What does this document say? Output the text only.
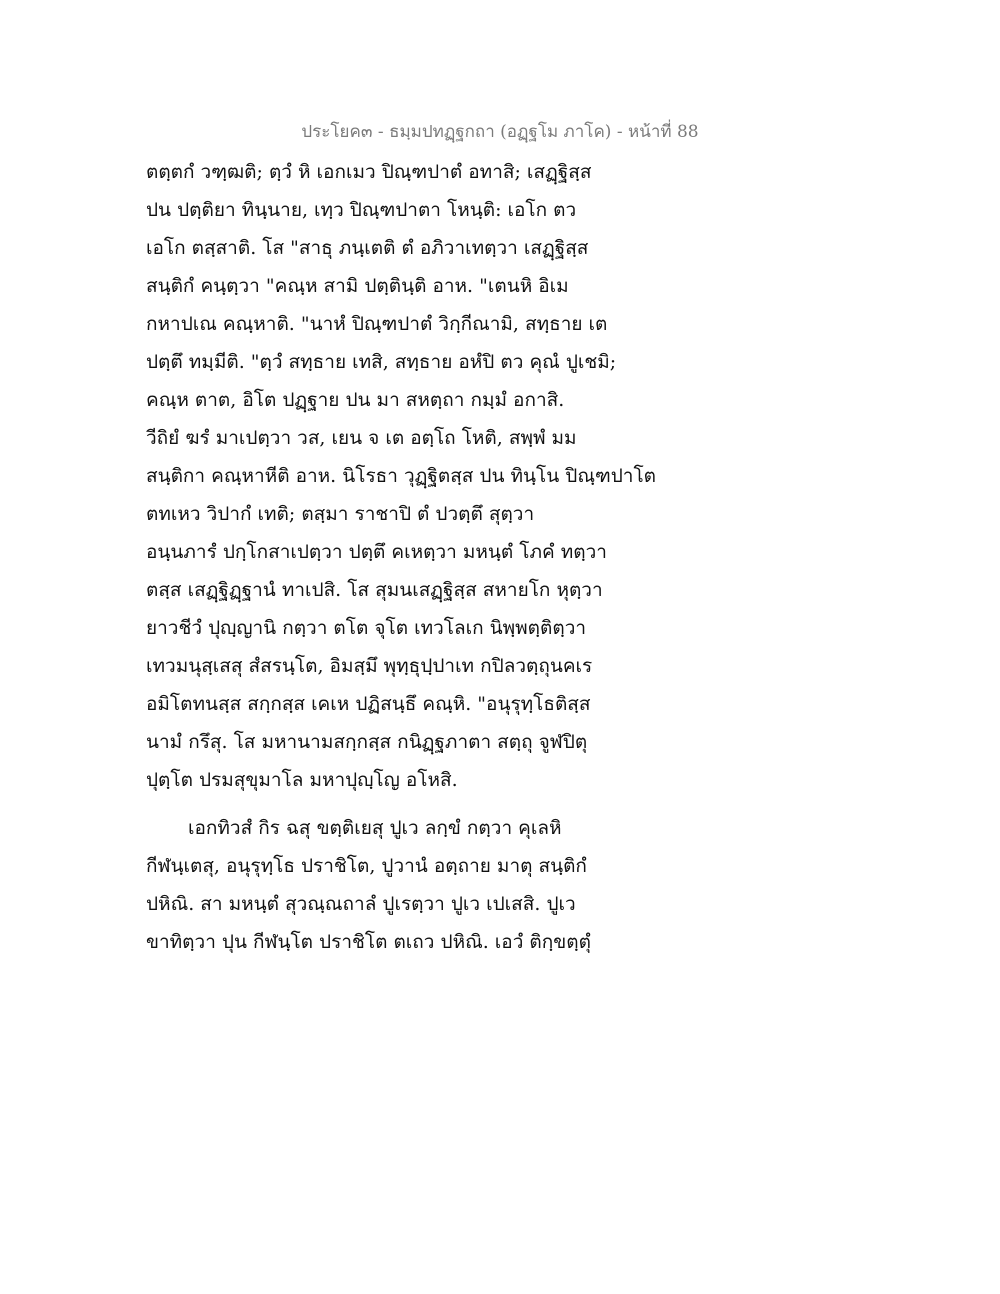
ประโยค๓ - ธมฺมปทฏฺฐกถา (อฏฺฐโม ภาโค) - หน้าที่ 88
ตตฺตกํ วฑฺฒติ; ตฺวํ หิ เอกเมว ปิณฺฑปาตํ อทาสิ; เสฏฺฐิสฺส
ปน ปตฺติยา ทินฺนาย, เทฺว ปิณฺฑปาตา โหนฺติ: เอโก ตว
เอโก ตสฺสาติ. โส "สาธุ ภนฺเตติ ตํ อภิวาเทตฺวา เสฏฺฐิสฺส
สนฺติกํ คนฺตฺวา "คณฺห สามิ ปตฺตินฺติ อาห. "เตนหิ อิเม
กหาปเณ คณฺหาติ. "นาหํ ปิณฺฑปาตํ วิกฺกีณามิ, สทฺธาย เต
ปตฺตึ ทมฺมีติ. "ตฺวํ สทฺธาย เทสิ, สทฺธาย อหํปิ ตว คุณํ ปูเชมิ;
คณฺห ตาต, อิโต ปฏฺฐาย ปน มา สหตฺถา กมฺมํ อกาสิ.
วีถิยํ ฆรํ มาเปตฺวา วส, เยน จ เต อตฺโถ โหติ, สพฺพํ มม
สนฺติกา คณฺหาหีติ อาห. นิโรธา วุฏฺฐิตสฺส ปน ทินฺโน ปิณฺฑปาโต
ตทเหว วิปากํ เทติ; ตสฺมา ราชาปิ ตํ ปวตฺตึ สุตฺวา
อนฺนภารํ ปกฺโกสาเปตฺวา ปตฺตึ คเหตฺวา มหนฺตํ โภคํ ทตฺวา
ตสฺส เสฏฺฐิฏฺฐานํ ทาเปสิ. โส สุมนเสฏฺฐิสฺส สหายโก หุตฺวา
ยาวชีวํ ปุญฺญานิ กตฺวา ตโต จุโต เทวโลเก นิพฺพตฺติตฺวา
เทวมนุสฺเสสุ สํสรนฺโต, อิมสฺมึ พุทฺธุปฺปาเท กปิลวตฺถุนคเร
อมิโตทนสฺส สกฺกสฺส เคเห ปฏิสนฺธึ คณฺหิ. "อนุรุทฺโธติสฺส
นามํ กรึสุ. โส มหานามสกฺกสฺส กนิฏฺฐภาตา สตฺถุ จูฬปิตุ
ปุตฺโต ปรมสุขุมาโล มหาปุญฺโญ อโหสิ.
เอกทิวสํ กิร ฉสุ ขตฺติเยสุ ปูเว ลกฺขํ กตฺวา คุเลหิ
กีฬนฺเตสุ, อนุรุทฺโธ ปราชิโต, ปูวานํ อตฺถาย มาตุ สนฺติกํ
ปหิณิ. สา มหนฺตํ สุวณฺณถาลํ ปูเรตฺวา ปูเว เปเสสิ. ปูเว
ขาทิตฺวา ปุน กีฬนฺโต ปราชิโต ตเถว ปหิณิ. เอวํ ติกฺขตฺตุํ
